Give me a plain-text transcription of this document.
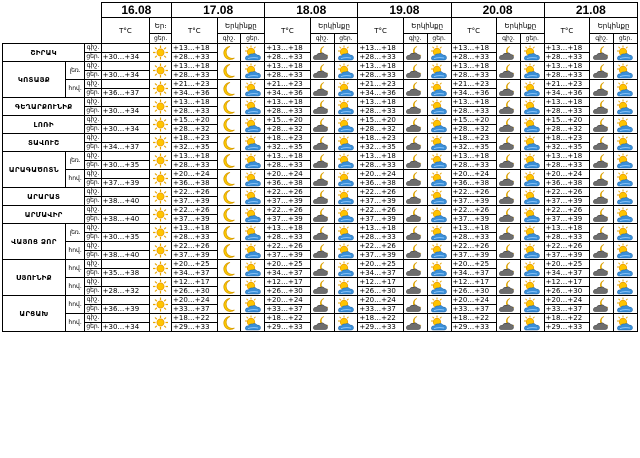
			16.08		17.08			18.08			19.08			20.08			21.08		
			T°C	Եր։	T°C	Երկինքը		T°C	Երկինքը		T°C	Երկինքը		T°C	Երկինքը		T°C	Երկինքը	
				ցեր.		գիշ.	ցեր.		գիշ.	ցեր.		գիշ.	ցեր.		գիշ.	ցեր.		գիշ.	ցեր.
ՇԻՐԱԿ		գիշ.			+13…+18			+13…+18			+13…+18			+13…+18			+13…+18	

		ցեր.	+30…+34		+28…+33			+28…+33			+28…+33			+28…+33			+28…+33		
ԿՈՏԱՅՔ	լեռ.	գիշ.			+13…+18			+13…+18			+13…+18			+13…+18			+13…+18	

		ցեր.	+30…+34		+28…+33			+28…+33			+28…+33			+28…+33			+28…+33		
	հով.	գիշ.			+21…+23			+21…+23			+21…+23			+21…+23			+21…+23	

		ցեր.	+36…+37		+34…+36			+34…+36			+34…+36			+34…+36			+34…+36		
ԳԵՂԱՐՔՈՒՆԻՔ		գիշ.			+13…+18			+13…+18			+13…+18			+13…+18			+13…+18	

		ցեր.	+30…+34		+28…+33			+28…+33			+28…+33			+28…+33			+28…+33		
ԼՈՌԻ		գիշ.			+15…+20			+15…+20			+15…+20			+15…+20			+15…+20	

		ցեր.	+30…+34		+28…+32			+28…+32			+28…+32			+28…+32			+28…+32		
ՏԱՎՈՒՇ		գիշ.			+18…+23			+18…+23			+18…+23			+18…+23			+18…+23	

		ցեր.	+34…+37		+32…+35			+32…+35			+32…+35			+32…+35			+32…+35		
ԱՐԱԳԱԾՈՏՆ	լեռ.	գիշ.			+13…+18			+13…+18			+13…+18			+13…+18			+13…+18	

		ցեր.	+30…+35		+28…+33			+28…+33			+28…+33			+28…+33			+28…+33		
	հով.	գիշ.			+20…+24			+20…+24			+20…+24			+20…+24			+20…+24	

		ցեր.	+37…+39		+36…+38			+36…+38			+36…+38			+36…+38			+36…+38		
ԱՐԱՐԱՏ		գիշ.			+22…+26			+22…+26			+22…+26			+22…+26			+22…+26	

		ցեր.	+38…+40		+37…+39			+37…+39			+37…+39			+37…+39			+37…+39		
ԱՐՄԱՎԻՐ		գիշ.			+22…+26			+22…+26			+22…+26			+22…+26			+22…+26	

		ցեր.	+38…+40		+37…+39			+37…+39			+37…+39			+37…+39			+37…+39		
ՎԱՅՈՑ ՁՈՐ	լեռ.	գիշ.			+13…+18			+13…+18			+13…+18			+13…+18			+13…+18	

		ցեր.	+30…+35		+28…+33			+28…+33			+28…+33			+28…+33			+28…+33		
	հով.	գիշ.			+22…+26			+22…+26			+22…+26			+22…+26			+22…+26	

		ցեր.	+38…+40		+37…+39			+37…+39			+37…+39			+37…+39			+37…+39		
ՍՅՈՒՆԻՔ	հով.	գիշ.			+20…+25			+20…+25			+20…+25			+20…+25			+20…+25	

		ցեր.	+35…+38		+34…+37			+34…+37			+34…+37			+34…+37			+34…+37		
	հով.	գիշ.			+12…+17			+12…+17			+12…+17			+12…+17			+12…+17	

		ցեր.	+28…+32		+26…+30			+26…+30			+26…+30			+26…+30			+26…+30		
ԱՐՑԱԽ	հով.	գիշ.			+20…+24			+20…+24			+20…+24			+20…+24			+20…+24	

		ցեր.	+36…+39		+33…+37			+33…+37			+33…+37			+33…+37			+33…+37		
	հով.	գիշ.			+18…+22			+18…+22			+18…+22			+18…+22			+18…+22	

		ցեր.	+30…+34		+29…+33			+29…+33			+29…+33			+29…+33			+29…+33		
